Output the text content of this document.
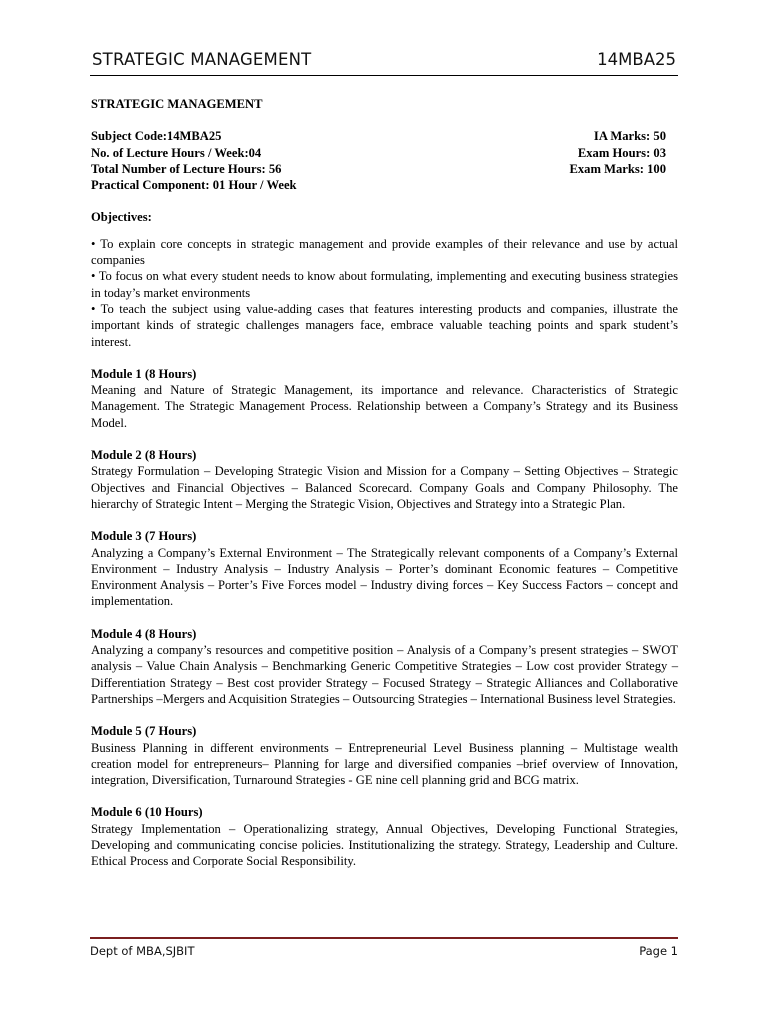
STRATEGIC MANAGEMENT	14MBA25
STRATEGIC MANAGEMENT
Subject Code:14MBA25	IA Marks: 50
No. of Lecture Hours / Week:04	Exam Hours: 03
Total Number of Lecture Hours: 56	Exam Marks: 100
Practical Component: 01 Hour / Week
Objectives:

• To explain core concepts in strategic management and provide examples of their relevance and use by actual companies

• To focus on what every student needs to know about formulating, implementing and executing business strategies in today’s market environments

• To teach the subject using value-adding cases that features interesting products and companies, illustrate the important kinds of strategic challenges managers face, embrace valuable teaching points and spark student’s interest.

Module 1 (8 Hours)

Meaning and Nature of Strategic Management, its importance and relevance. Characteristics of Strategic Management. The Strategic Management Process. Relationship between a Company’s Strategy and its Business Model.

Module 2 (8 Hours)

Strategy Formulation – Developing Strategic Vision and Mission for a Company – Setting Objectives – Strategic Objectives and Financial Objectives – Balanced Scorecard. Company Goals and Company Philosophy. The hierarchy of Strategic Intent – Merging the Strategic Vision, Objectives and Strategy into a Strategic Plan.

Module 3 (7 Hours)

Analyzing a Company’s External Environment – The Strategically relevant components of a Company’s External Environment – Industry Analysis – Industry Analysis – Porter’s dominant Economic features – Competitive Environment Analysis – Porter’s Five Forces model – Industry diving forces – Key Success Factors – concept and implementation.

Module 4 (8 Hours)

Analyzing a company’s resources and competitive position – Analysis of a Company’s present strategies – SWOT analysis – Value Chain Analysis – Benchmarking Generic Competitive Strategies – Low cost provider Strategy – Differentiation Strategy – Best cost provider Strategy – Focused Strategy – Strategic Alliances and Collaborative Partnerships –Mergers and Acquisition Strategies – Outsourcing Strategies – International Business level Strategies.

Module 5 (7 Hours)

Business Planning in different environments – Entrepreneurial Level Business planning – Multistage wealth creation model for entrepreneurs– Planning for large and diversified companies –brief overview of Innovation, integration, Diversification, Turnaround Strategies - GE nine cell planning grid and BCG matrix.

Module 6 (10 Hours)

Strategy Implementation – Operationalizing strategy, Annual Objectives, Developing Functional Strategies, Developing and communicating concise policies. Institutionalizing the strategy. Strategy, Leadership and Culture. Ethical Process and Corporate Social Responsibility.

Dept of MBA,SJBIT	Page 1
